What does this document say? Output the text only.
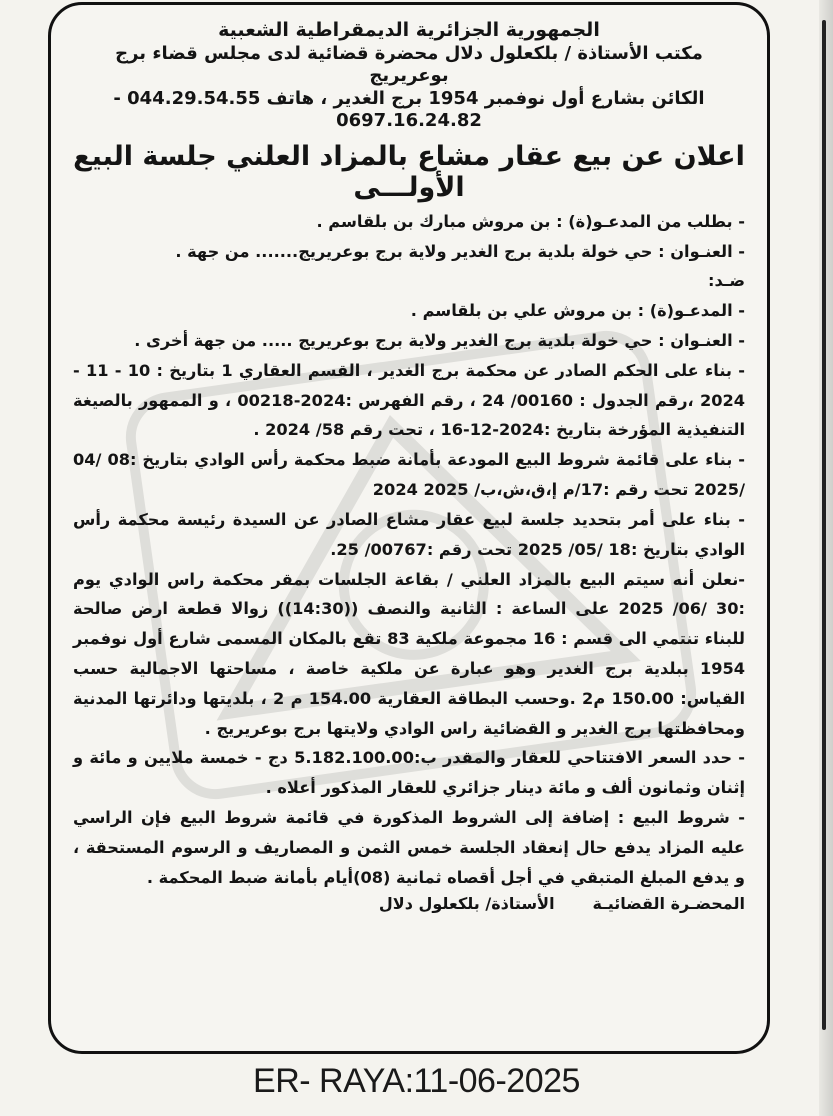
الجمهورية الجزائرية الديمقراطية الشعبية

مكتب الأستاذة / بلكعلول دلال محضرة قضائية لدى مجلس قضاء برج بوعريريج

الكائن بشارع أول نوفمبر 1954 برج الغدير ، هاتف 044.29.54.55 -

0697.16.24.82

اعلان عن بيع عقار مشاع بالمزاد العلني جلسة البيع الأولـــى

- بطلب من المدعـو(ة) : بن مروش مبارك بن بلقاسم .

- العنـوان : حي خولة بلدية برج الغدير ولاية برج بوعريريج....... من جهة .

ضـد:

- المدعـو(ة) : بن مروش علي بن بلقاسم .

- العنـوان : حي خولة بلدية برج الغدير ولاية برج بوعريريج ..... من جهة أخرى .

- بناء على الحكم الصادر عن محكمة برج الغدير ، القسم العقاري 1 بتاريخ : 10 - 11 - 2024 ،رقم الجدول : 00160/ 24 ، رقم الفهرس :2024-00218 ، و الممهور بالصيغة التنفيذية المؤرخة بتاريخ :2024-12-16 ، تحت رقم 58/ 2024 .

- بناء على قائمة شروط البيع المودعة بأمانة ضبط محكمة رأس الوادي بتاريخ :08 /04 /2025 تحت رقم :17/م إ،ق،ش،ب/ 2025 2024

- بناء على أمر بتحديد جلسة لبيع عقار مشاع الصادر عن السيدة رئيسة محكمة رأس الوادي بتاريخ :18 /05/ 2025 تحت رقم :00767/ 25.

-نعلن أنه سيتم البيع بالمزاد العلني / بقاعة الجلسات بمقر محكمة راس الوادي يوم :30 /06/ 2025 على الساعة : الثانية والنصف ((14:30)) زوالا قطعة ارض صالحة للبناء تنتمي الى قسم : 16 مجموعة ملكية 83 تقع بالمكان المسمى شارع أول نوفمبر 1954 ببلدية برج الغدير وهو عبارة عن ملكية خاصة ، مساحتها الاجمالية حسب القياس: 150.00 م2 .وحسب البطاقة العقارية 154.00 م 2 ، بلديتها ودائرتها المدنية ومحافظتها برج الغدير و القضائية راس الوادي ولايتها برج بوعريريج .

- حدد السعر الافتتاحي للعقار والمقدر ب:5.182.100.00 دج - خمسة ملايين و مائة و إثنان وثمانون ألف و مائة دينار جزائري للعقار المذكور أعلاه .

- شروط البيع : إضافة إلى الشروط المذكورة في قائمة شروط البيع فإن الراسي عليه المزاد يدفع حال إنعقاد الجلسة خمس الثمن و المصاريف و الرسوم المستحقة ، و يدفع المبلغ المتبقي في أجل أقصاه ثمانية (08)أيام بأمانة ضبط المحكمة .

المحضـرة القضائيـة
الأستاذة/ بلكعلول دلال
ER- RAYA:11-06-2025
